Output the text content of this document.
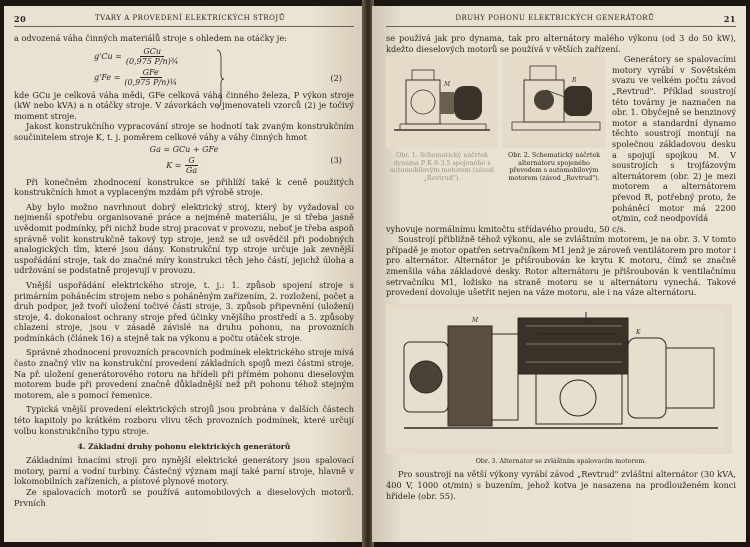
20	TVARY A PROVEDENÍ ELEKTRICKÝCH STROJŮ

a odvozená váha činných materiálů stroje s ohledem na otáčky je:

$g'Cu = \frac{\text{GCu}}{\text{(0,975 P/n)¾}}$
$g'Fe = \frac{\text{GFe}}{\text{(0,975 P/n)¾}}$	(2)

kde GCu je celková váha mědi, GFe celková váha činného železa, P výkon stroje (kW nebo kVA) a n otáčky stroje. V závorkách ve jmenovateli vzorců (2) je točivý moment stroje.

Jakost konstrukčního vypracování stroje se hodnotí tak zvaným konstrukčním součinitelem stroje K, t. j. poměrem celkové váhy a váhy činných hmot

Ga = GCu + GFe
$K = \frac{G}{Ga}$	(3)

Při konečném zhodnocení konstrukce se přihlíží také k ceně použitých konstrukčních hmot a vyplaceným mzdám při výrobě stroje.

Aby bylo možno navrhnout dobrý elektrický stroj, který by vyžadoval co nejmenší spotřebu organisované práce a nejméně materiálu, je si třeba jasně uvědomit podmínky, při nichž bude stroj pracovat v provozu, neboť je třeba aspoň správně volit konstrukčně takový typ stroje, jenž se už osvědčil při podobných analogických tlm, které jsou dány. Konstrukční typ stroje určuje jak zevnější uspořádání stroje, tak do značné míry konstrukci těch jeho částí, jejichž úloha a udržování se podstatně projevují v provozu.

Vnější uspořádání elektrického stroje, t. j.: 1. způsob spojení stroje s primárním poháněcím strojem nebo s poháněným zařízením, 2. rozložení, počet a druh podpor, jež tvoří uložení točivé části stroje, 3. způsob připevnění (uložení) stroje, 4. dokonalost ochrany stroje před účinky vnějšího prostředí a 5. způsoby chlazení stroje, jsou v zásadě závislé na druhu pohonu, na provozních podmínkách (článek 16) a stejně tak na výkonu a počtu otáček stroje.

Správné zhodnocení provozních pracovních podmínek elektrického stroje mívá často značný vliv na konstrukční provedení základních spojů mezi částmi stroje. Na př. uložení generátorového rotoru na hřídeli při přímém pohonu dieselovým motorem bude při provedení značně důkladnější než při pohonu téhož stejným motorem, ale s pomocí řemenice.

Typická vnější provedení elektrických strojů jsou probrána v dalších částech této kapitoly po krátkém rozboru vlivu těch provozních podmínek, které určují volbu konstrukčního typu stroje.

4. Základní druhy pohonu elektrických generátorů

Základními hnacími stroji pro nynější elektrické generátory jsou spalovací motory, parní a vodní turbiny. Částečný význam mají také parní stroje, hlavně v lokomobilních zařízeních, a pístové plynové motory.

Ze spalovacích motorů se používá automobilových a dieselových motorů. Prvních

DRUHY POHONU ELEKTRICKÝCH GENERÁTORŮ	21

se používá jak pro dynama, tak pro alternátory malého výkonu (od 3 do 50 kW), kdežto dieselových motorů se používá v větších zařízení.

M
Obr. 1. Schematický náčrtek dynama P K 8-3,5 spojeného s automobilovým motorem (závod „Revtrud").
R
Obr. 2. Schematický náčrtek alternátoru spojeného převodem s automobilovým motorem (závod „Revtrud").

Generátory se spalovacími motory vyrábí v Sovětském svazu ve velkém počtu závod „Revtrud". Příklad soustrojí této továrny je naznačen na obr. 1. Obyčejně se benzinový motor a standardní dynamo těchto soustrojí montují na společnou základovou desku a spojují spojkou M. V soustrojích s trojfázovým alternátorem (obr. 2) je mezi motorem a alternátorem převod R, potřebný proto, že poháněcí motor má 2200 ot/min, což neodpovídá

vyhovuje normálnímu kmitočtu střídavého proudu, 50 c/s.

Soustrojí přibližně téhož výkonu, ale se zvláštním motorem, je na obr. 3. V tomto případě je motor opatřen setrvačníkem M1 jenž je zároveň ventilátorem pro motor i pro alternátor. Alternátor je přišroubován ke krytu K motoru, čímž se značně zmenšila váha základové desky. Rotor alternátoru je přišroubován k ventilačnímu setrvačníku M1, ložisko na straně motoru se u alternátoru vynechá. Takové provedení dovoluje ušetřit nejen na váze motoru, ale i na váze alternátoru.

M
K
Obr. 3. Alternátor se zvláštním spalovacím motorem.

Pro soustrojí na větší výkony vyrábí závod „Revtrud" zvláštní alternátor (30 kVA, 400 V, 1000 ot/min) s buzením, jehož kotva je nasazena na prodlouženém konci hřídele (obr. 55).
